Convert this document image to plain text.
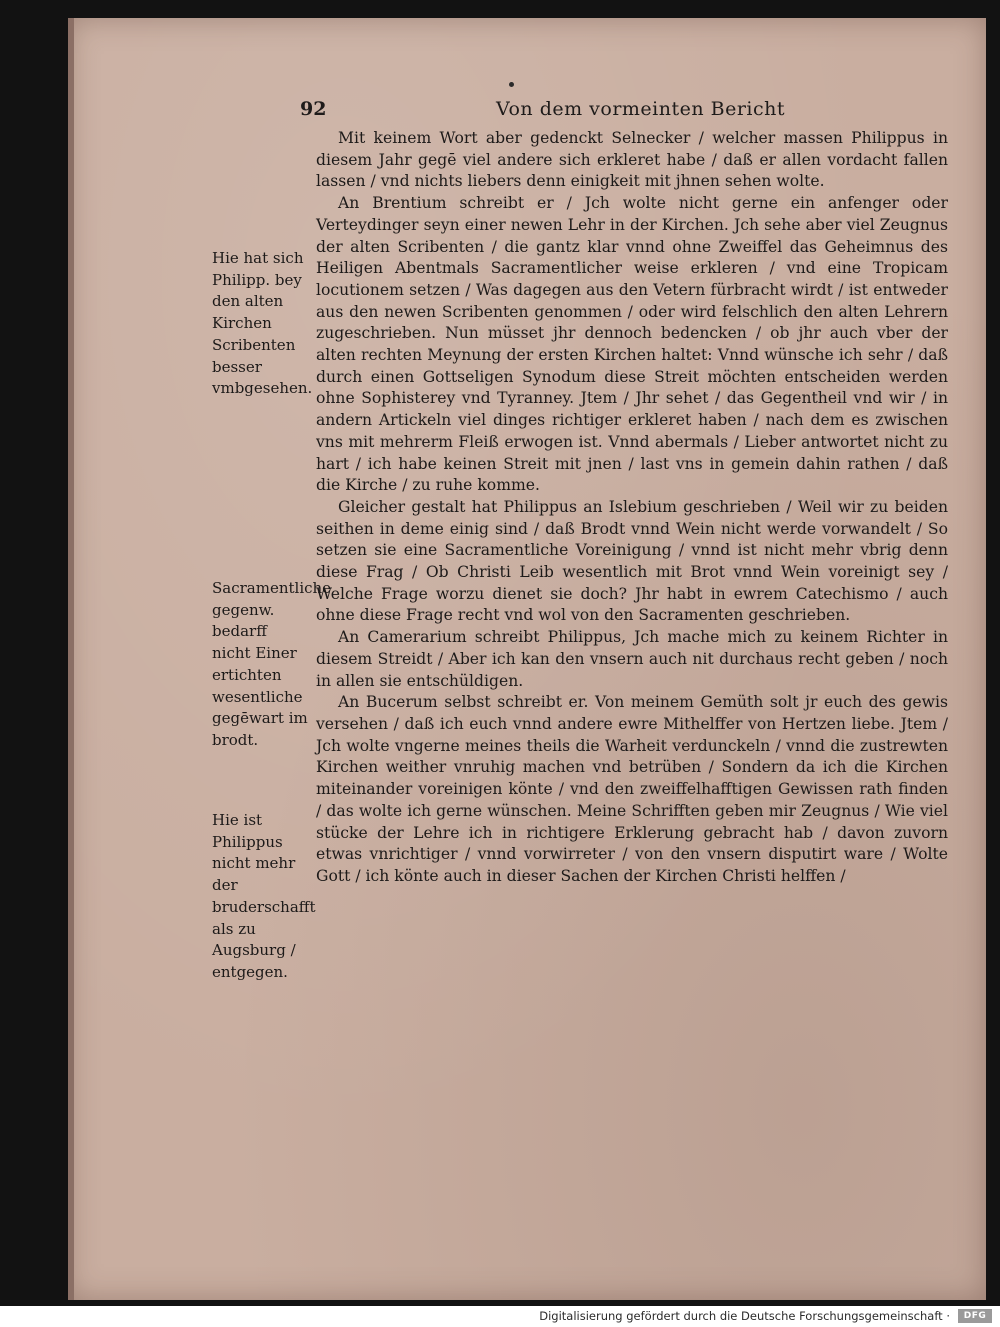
92	Von dem vormeinten Bericht

Mit keinem Wort aber gedenckt Selnecker / welcher massen Philippus in diesem Jahr gegē viel andere sich erkleret habe / daß er allen vordacht fallen lassen / vnd nichts liebers denn einigkeit mit jhnen sehen wolte.

An Brentium schreibt er / Jch wolte nicht gerne ein anfenger oder Verteydinger seyn einer newen Lehr in der Kirchen. Jch sehe aber viel Zeugnus der alten Scribenten / die gantz klar vnnd ohne Zweiffel das Geheimnus des Heiligen Abentmals Sacramentlicher weise erkleren / vnd eine Tropicam locutionem setzen / Was dagegen aus den Vetern fürbracht wirdt / ist entweder aus den newen Scribenten genommen / oder wird felschlich den alten Lehrern zugeschrieben. Nun müsset jhr dennoch bedencken / ob jhr auch vber der alten rechten Meynung der ersten Kirchen haltet: Vnnd wünsche ich sehr / daß durch einen Gottseligen Synodum diese Streit möchten entscheiden werden ohne Sophisterey vnd Tyranney. Jtem / Jhr sehet / das Gegentheil vnd wir / in andern Artickeln viel dinges richtiger erkleret haben / nach dem es zwischen vns mit mehrerm Fleiß erwogen ist. Vnnd abermals / Lieber antwortet nicht zu hart / ich habe keinen Streit mit jnen / last vns in gemein dahin rathen / daß die Kirche / zu ruhe komme.

Gleicher gestalt hat Philippus an Islebium geschrieben / Weil wir zu beiden seithen in deme einig sind / daß Brodt vnnd Wein nicht werde vorwandelt / So setzen sie eine Sacramentliche Voreinigung / vnnd ist nicht mehr vbrig denn diese Frag / Ob Christi Leib wesentlich mit Brot vnnd Wein voreinigt sey / Welche Frage worzu dienet sie doch? Jhr habt in ewrem Catechismo / auch ohne diese Frage recht vnd wol von den Sacramenten geschrieben.

An Camerarium schreibt Philippus, Jch mache mich zu keinem Richter in diesem Streidt / Aber ich kan den vnsern auch nit durchaus recht geben / noch in allen sie entschüldigen.

An Bucerum selbst schreibt er. Von meinem Gemüth solt jr euch des gewis versehen / daß ich euch vnnd andere ewre Mithelffer von Hertzen liebe. Jtem / Jch wolte vngerne meines theils die Warheit verdunckeln / vnnd die zustrewten Kirchen weither vnruhig machen vnd betrüben / Sondern da ich die Kirchen miteinander voreinigen könte / vnd den zweiffelhafftigen Gewissen rath finden / das wolte ich gerne wünschen. Meine Schrifften geben mir Zeugnus / Wie viel stücke der Lehre ich in richtigere Erklerung gebracht hab / davon zuvorn etwas vnrichtiger / vnnd vorwirreter / von den vnsern disputirt ware / Wolte Gott / ich könte auch in dieser Sachen der Kirchen Christi helffen /

Hie hat sich Philipp. bey den alten Kirchen Scribenten besser vmbgesehen.

Sacramentliche gegenw. bedarff nicht Einer ertichten wesentliche gegēwart im brodt.

Hie ist Philippus nicht mehr der bruderschafft als zu Augsburg / entgegen.

Digitalisierung gefördert durch die Deutsche Forschungsgemeinschaft ·	DFG
